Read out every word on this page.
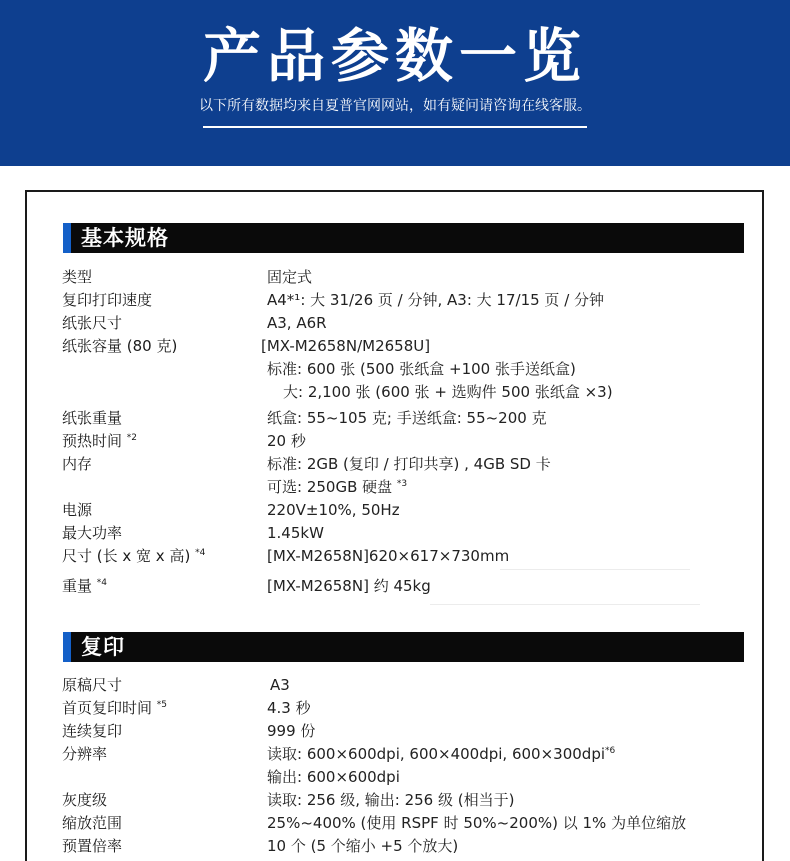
产品参数一览
以下所有数据均来自夏普官网网站，如有疑问请咨询在线客服。
基本规格
类型	固定式
复印打印速度	A4*¹: 大 31/26 页 / 分钟, A3: 大 17/15 页 / 分钟
纸张尺寸	A3, A6R
纸张容量 (80 克)	[MX-M2658N/M2658U]
标准: 600 张 (500 张纸盒 +100 张手送纸盒)
大: 2,100 张 (600 张 + 选购件 500 张纸盒 ×3)
纸张重量	纸盒: 55~105 克; 手送纸盒: 55~200 克
预热时间 $^{*2}$	20 秒
内存	标准: 2GB (复印 / 打印共享) , 4GB SD 卡
可选: 250GB 硬盘 $^{*3}$
电源	220V±10%, 50Hz
最大功率	1.45kW
尺寸 (长 x 宽 x 高) $^{*4}$	[MX-M2658N]620×617×730mm
重量 $^{*4}$	[MX-M2658N] 约 45kg
复印
原稿尺寸	A3
首页复印时间 $^{*5}$	4.3 秒
连续复印	999 份
分辨率	读取: 600×600dpi, 600×400dpi, 600×300dpi$^{*6}$
输出: 600×600dpi
灰度级	读取: 256 级, 输出: 256 级 (相当于)
缩放范围	25%~400% (使用 RSPF 时 50%~200%) 以 1% 为单位缩放
预置倍率	10 个 (5 个缩小 +5 个放大)
